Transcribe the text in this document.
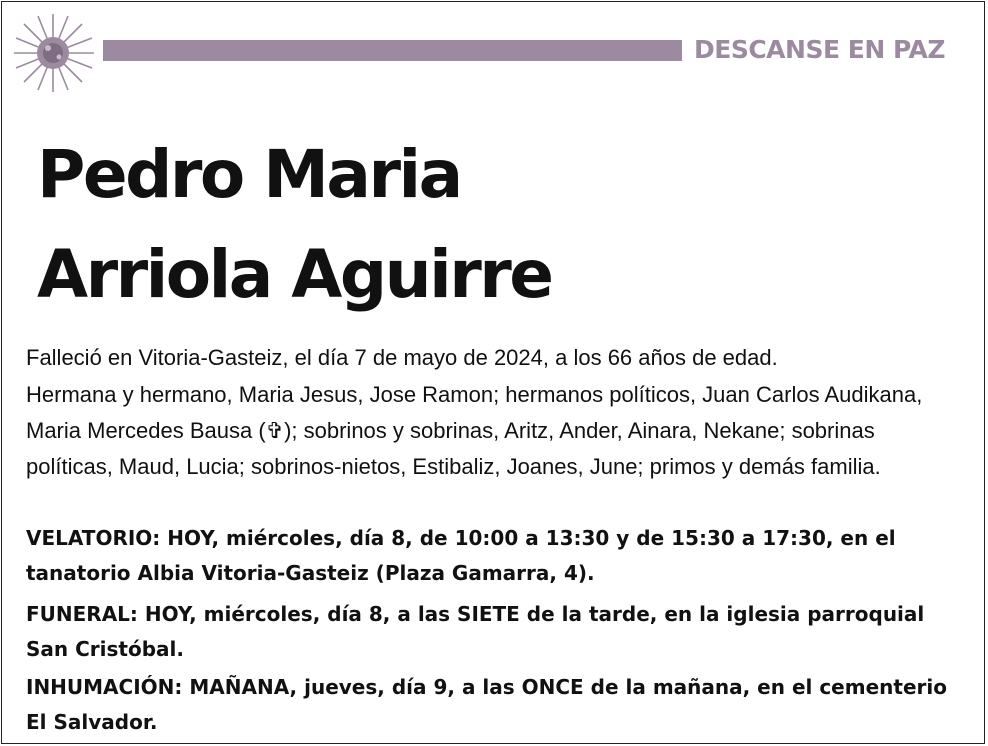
DESCANSE EN PAZ
Pedro Maria
Arriola Aguirre
Falleció en Vitoria-Gasteiz, el día 7 de mayo de 2024, a los 66 años de edad.
Hermana y hermano, Maria Jesus, Jose Ramon; hermanos políticos, Juan Carlos Audikana, Maria Mercedes Bausa (✞); sobrinos y sobrinas, Aritz, Ander, Ainara, Nekane; sobrinas políticas, Maud, Lucia; sobrinos-nietos, Estibaliz, Joanes, June; primos y demás familia.
VELATORIO: HOY, miércoles, día 8, de 10:00 a 13:30 y de 15:30 a 17:30, en el tanatorio Albia Vitoria-Gasteiz (Plaza Gamarra, 4).
FUNERAL: HOY, miércoles, día 8, a las SIETE de la tarde, en la iglesia parroquial San Cristóbal.
INHUMACIÓN: MAÑANA, jueves, día 9, a las ONCE de la mañana, en el cementerio El Salvador.
